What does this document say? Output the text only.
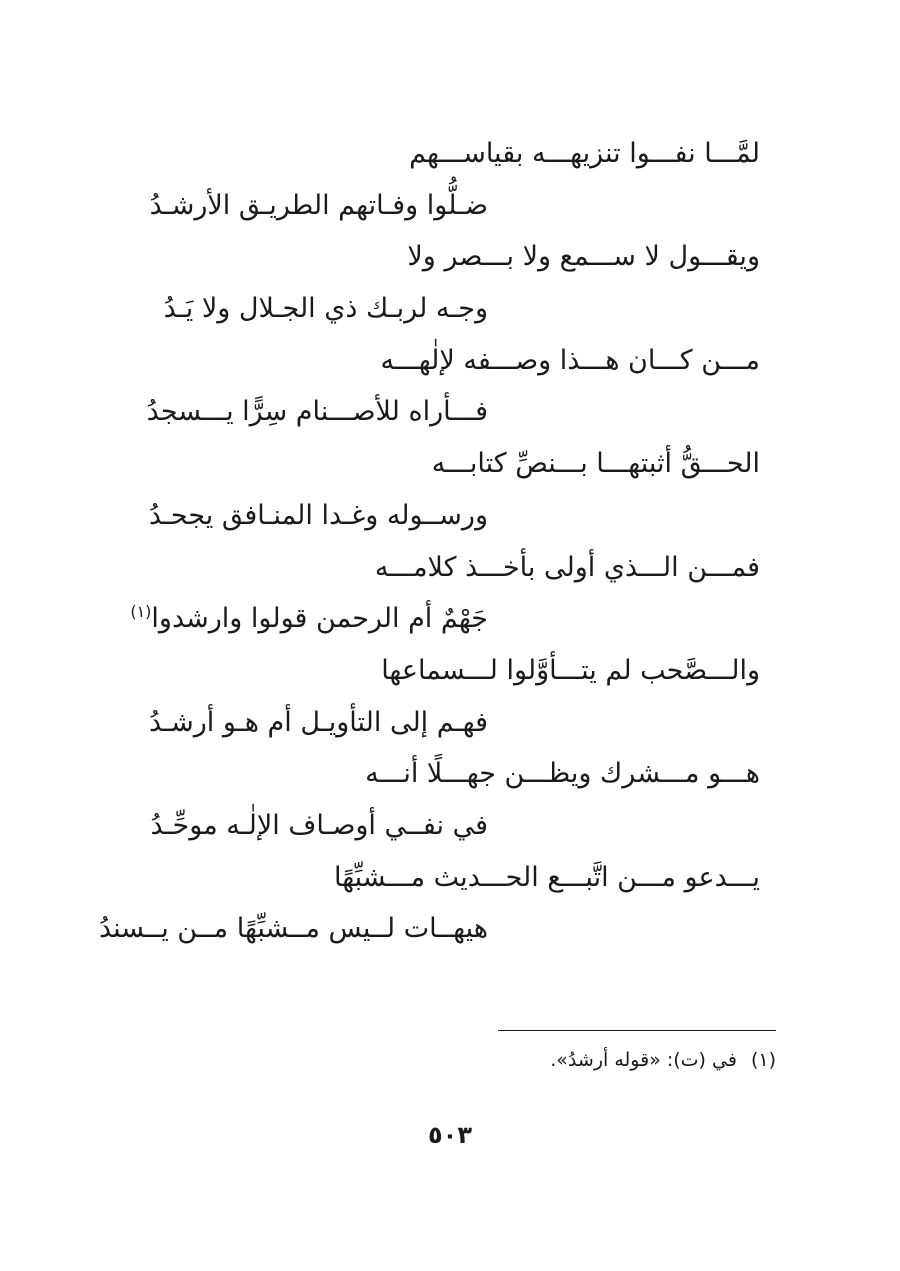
لمَّـــا نفـــوا تنزيهـــه بقياســـهم
ضـلُّوا وفـاتهم الطريـق الأرشـدُ
ويقـــول لا ســـمع ولا بـــصر ولا
وجـه لربـك ذي الجـلال ولا يَـدُ
مـــن كـــان هـــذا وصـــفه لإلٰهـــه
فـــأراه للأصـــنام سِرًّا يـــسجدُ
الحـــقُّ أثبتهـــا بـــنصِّ كتابـــه
ورســوله وغـدا المنـافق يجحـدُ
فمـــن الـــذي أولى بأخـــذ كلامـــه
جَهْمٌ أم الرحمن قولوا وارشدوا$^{(١)}$
والـــصَّحب لم يتـــأوَّلوا لـــسماعها
فهـم إلى التأويـل أم هـو أرشـدُ
هـــو مـــشرك ويظـــن جهـــلًا أنـــه
في نفــي أوصـاف الإلٰـه موحِّـدُ
يـــدعو مـــن اتَّبـــع الحـــديث مـــشبِّهًا
هيهــات لــيس مــشبِّهًا مــن يــسندُ
(١)في (ت): «قوله أرشدُ».
٥٠٣
